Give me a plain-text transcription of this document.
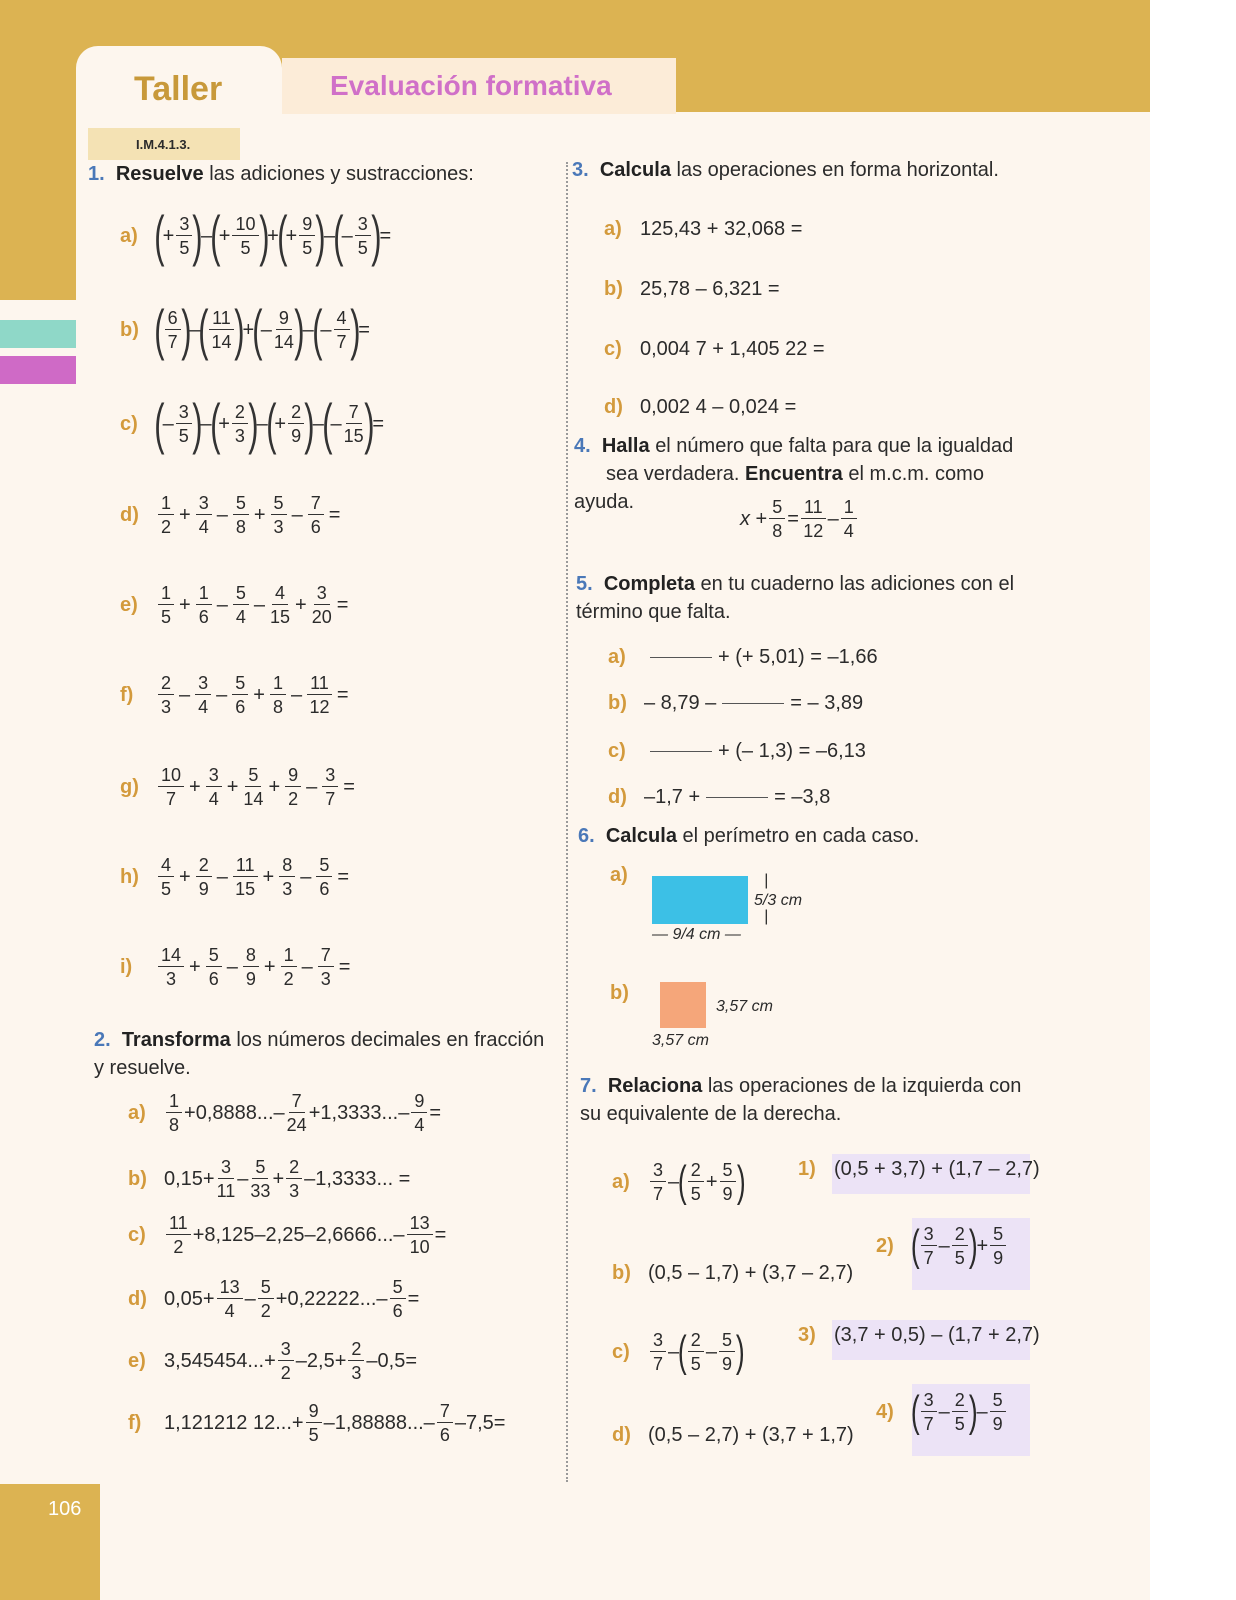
Taller	Evaluación formativa
I.M.4.1.3.
106
1. Resuelve las adiciones y sustracciones:
a) (
+
3
5 )
–
(
+
10
5 )
+
(
+
9
5 )
–
(
–
3
5 )
=
b) ( 6
7 )
–
( 11
14 )
+
(
–
9
14 )
–
(
–
4
7 )
=
c) (
–
3
5 )
–
(
+
2
3 )
–
(
+
2
9 )
–
(
–
7
15 )
=
d)
1
2
+ $\frac{3}{4}$ –
5
8
+ $\frac{5}{3} - \frac{7}{6}$ =
e)
1
5
+ $\frac{1}{6}$ –
5
4
–
4
15
+ $\frac{3}{20}$ =
f)
2
3
–
3
4
–
5
6
+ $\frac{1}{8} - \frac{11}{12}$ =
g)
10
7
+ $\frac{3}{4} + \frac{5}{14} + \frac{9}{2} - \frac{3}{7}$ =
h)
4
5
+ $\frac{2}{9}$ –
11
15
+ $\frac{8}{3} - \frac{5}{6}$ =
i)
14
3
+ $\frac{5}{6}$ –
8
9
+ $\frac{1}{2} - \frac{7}{3}$ =
2. Transforma los números decimales en fracción y resuelve.
a)
1
8
+0,8888...–
7
24
+1,3333...–
9
4
=
b) 0,15+
3
11
–
5
33
+
2
3
–1,3333... =
c)
11
2
+8,125–2,25–2,6666...–
13
10
=
d) 0,05+
13
4
–
5
2
+0,22222...–
5
6
=
e) 3,545454...+
3
2
–2,5+
2
3
–0,5=
f)	1,121212 12...+
9
5
–1,88888...–
7
6
–7,5=
3. Calcula las operaciones en forma horizontal.
a) 125,43 + 32,068 =
b) 25,78 – 6,321 =
c) 0,004 7 + 1,405 22 =
d) 0,002 4 – 0,024 =
4. Halla el número que falta para que la igualdad
sea verdadera. Encuentra el m.c.m. como ayuda.
x +
5
8
=
11
12
–
1
4
5. Completa en tu cuaderno las adiciones con el término que falta.
a)	+ (+ 5,01) = –1,66
b) – 8,79 –	= – 3,89
c)	+ (– 1,3) = –6,13
d) –1,7 +	= –3,8
6. Calcula el perímetro en cada caso.
a)	|
5/3 cm
|
— 9/4 cm —
b)
3,57 cm
3,57 cm
7. Relaciona las operaciones de la izquierda con su equivalente de la derecha.
a)
3
7
–
( 2
5
+
5
9 )
b) (0,5 – 1,7) + (3,7 – 2,7)
c)
3
7
–
( 2
5
–
5
9 )
d) (0,5 – 2,7) + (3,7 + 1,7)
1) (0,5 + 3,7) + (1,7 – 2,7)
2) ( 3
7
–
2
5 )
+
5
9
3) (3,7 + 0,5) – (1,7 + 2,7)
4) ( 3
7
–
2
5 )
–
5
9
